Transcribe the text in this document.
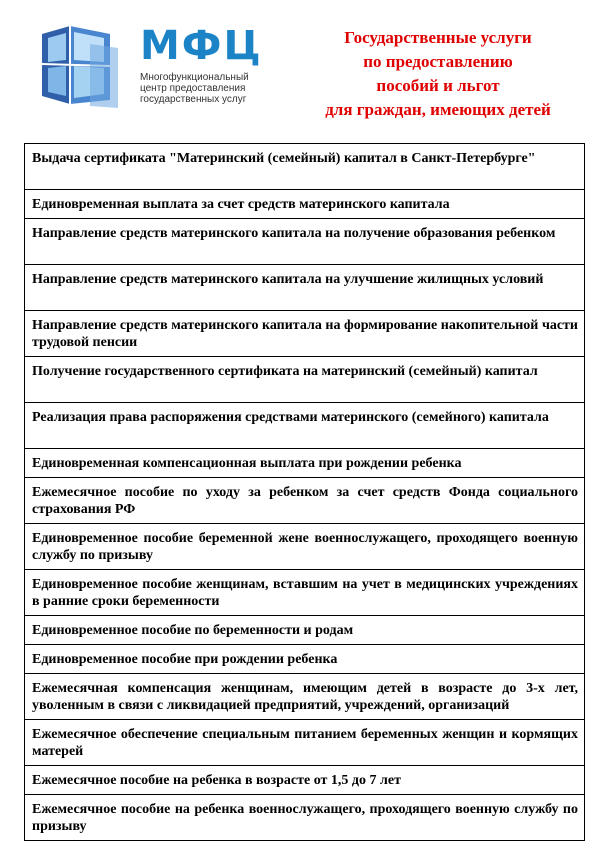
МФЦ
Многофункциональный
центр предоставления
государственных услуг
Государственные услуги
по предоставлению
пособий и льгот
для граждан, имеющих детей
Выдача сертификата "Материнский (семейный) капитал в Санкт-Петербурге"
Единовременная выплата за счет средств материнского капитала
Направление средств материнского капитала на получение образования ребенком
Направление средств материнского капитала на улучшение жилищных условий
Направление средств материнского капитала на формирование накопительной части трудовой пенсии
Получение государственного сертификата на материнский (семейный) капитал
Реализация права распоряжения средствами материнского (семейного) капитала
Единовременная компенсационная выплата при рождении ребенка
Ежемесячное пособие по уходу за ребенком за счет средств Фонда социального страхования РФ
Единовременное пособие беременной жене военнослужащего, проходящего военную службу по призыву
Единовременное пособие женщинам, вставшим на учет в медицинских учреждениях в ранние сроки беременности
Единовременное пособие по беременности и родам
Единовременное пособие при рождении ребенка
Ежемесячная компенсация женщинам, имеющим детей в возрасте до 3-х лет, уволенным в связи с ликвидацией предприятий, учреждений, организаций
Ежемесячное обеспечение специальным питанием беременных женщин и кормящих матерей
Ежемесячное пособие на ребенка в возрасте от 1,5 до 7 лет
Ежемесячное пособие на ребенка военнослужащего, проходящего военную службу по призыву
